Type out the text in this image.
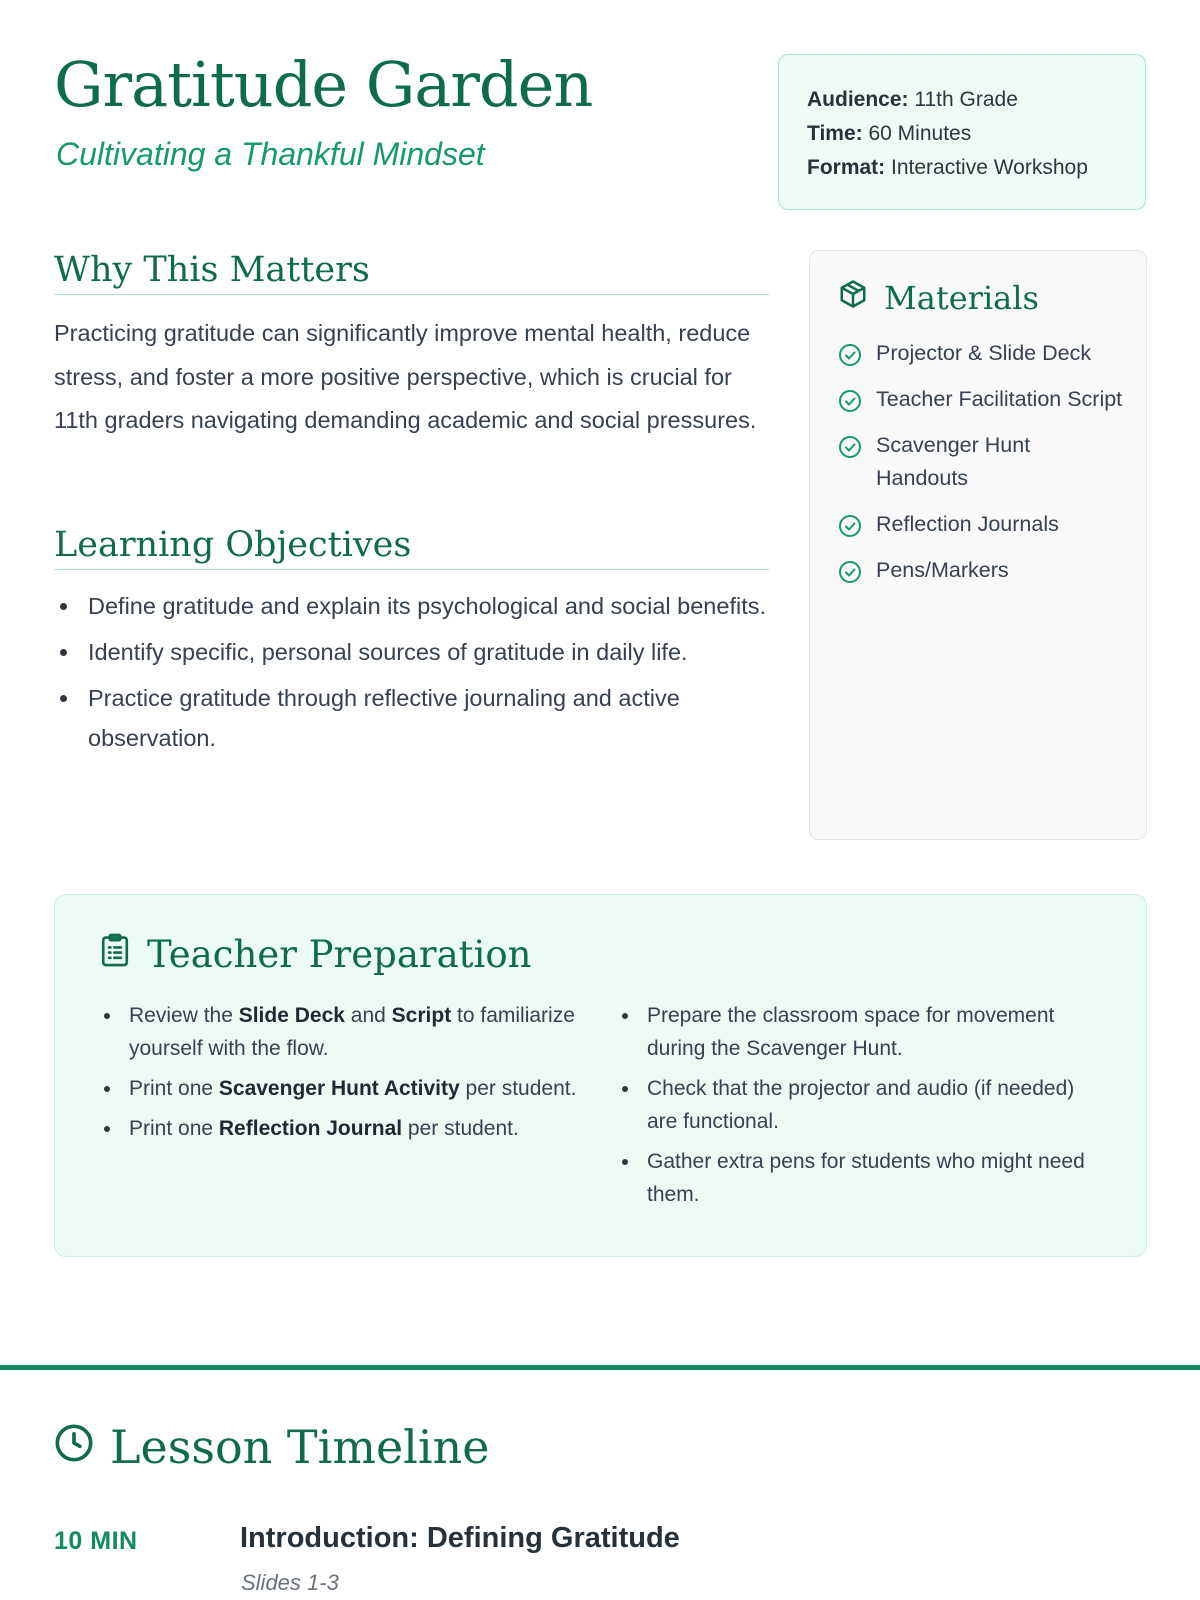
Gratitude Garden
Cultivating a Thankful Mindset
Audience: 11th Grade
Time: 60 Minutes
Format: Interactive Workshop
Why This Matters

Practicing gratitude can significantly improve mental health, reduce stress, and foster a more positive perspective, which is crucial for 11th graders navigating demanding academic and social pressures.

Learning Objectives
Define gratitude and explain its psychological and social benefits.
Identify specific, personal sources of gratitude in daily life.
Practice gratitude through reflective journaling and active observation.
Materials
Projector & Slide Deck
Teacher Facilitation Script
Scavenger Hunt Handouts
Reflection Journals
Pens/Markers
Teacher Preparation
Review the Slide Deck and Script to familiarize yourself with the flow.
Print one Scavenger Hunt Activity per student.
Print one Reflection Journal per student.
Prepare the classroom space for movement during the Scavenger Hunt.
Check that the projector and audio (if needed) are functional.
Gather extra pens for students who might need them.
Lesson Timeline
10 MIN	Introduction: Defining Gratitude
Slides 1-3
